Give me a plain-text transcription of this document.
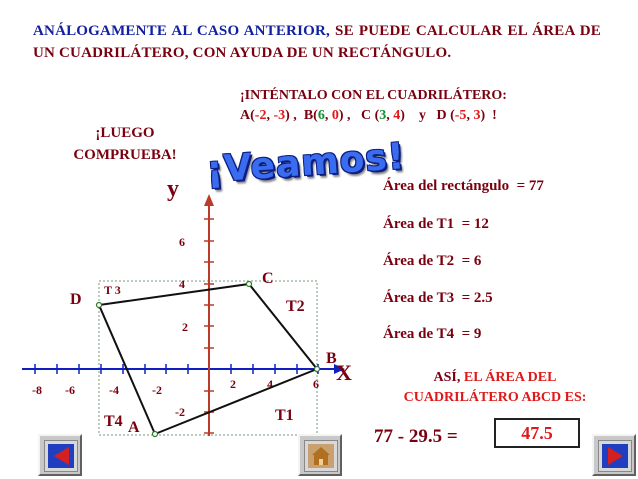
ANÁLOGAMENTE AL CASO ANTERIOR, SE PUEDE CALCULAR EL ÁREA DE UN CUADRILÁTERO, CON AYUDA DE UN RECTÁNGULO.
¡INTÉNTALO CON EL CUADRILÁTERO:
A(-2, -3) ,  B(6, 0) ,   C (3, 4)    y D (-5, 3)  !
¡LUEGO COMPRUEBA! ¡Veamos!
-8 -6	-4	-2	2	4	6
6
4
2
-2
y
X
A
B
C
D
T1
T2
T 3
T4
Área del rectángulo = 77
Área de T1 = 12
Área de T2 = 6
Área de T3 = 2.5
Área de T4 = 9
ASÍ, EL ÁREA DEL
CUADRILÁTERO ABCD ES:
77 - 29.5 =	47.5
